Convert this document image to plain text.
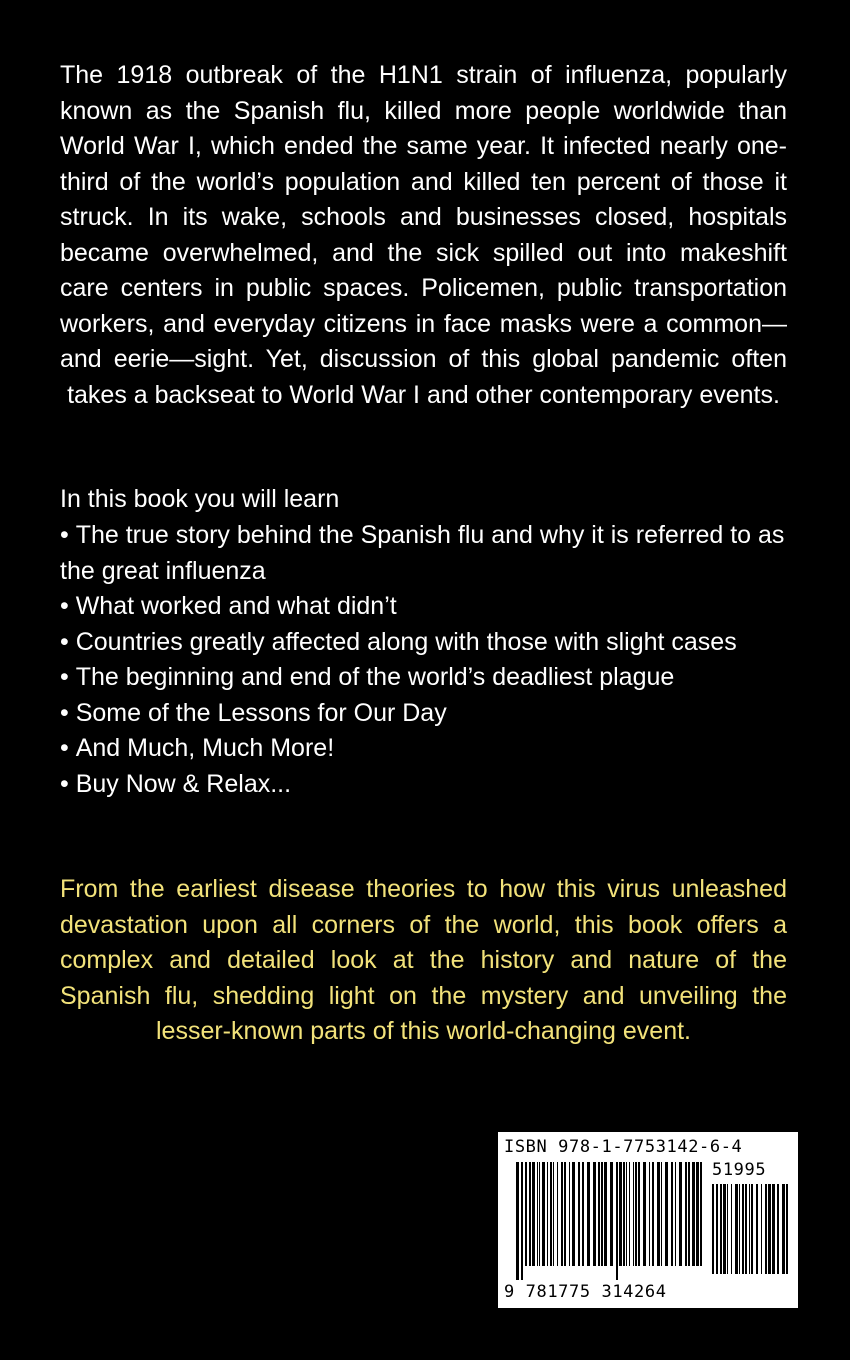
The 1918 outbreak of the H1N1 strain of influenza, popularly known as the Spanish flu, killed more people worldwide than World War I, which ended the same year. It infected nearly one-third of the world’s population and killed ten percent of those it struck. In its wake, schools and businesses closed, hospitals became overwhelmed, and the sick spilled out into makeshift care centers in public spaces. Policemen, public transportation workers, and everyday citizens in face masks were a common—and eerie—sight. Yet, discussion of this global pandemic often takes a backseat to World War I and other contemporary events.

In this book you will learn

• The true story behind the Spanish flu and why it is referred to as the great influenza
• What worked and what didn’t
• Countries greatly affected along with those with slight cases
• The beginning and end of the world’s deadliest plague
• Some of the Lessons for Our Day
• And Much, Much More!
• Buy Now & Relax...

From the earliest disease theories to how this virus unleashed devastation upon all corners of the world, this book offers a complex and detailed look at the history and nature of the Spanish flu, shedding light on the mystery and unveiling the lesser-known parts of this world-changing event.

ISBN 978-1-7753142-6-4
51995
9 781775 314264
